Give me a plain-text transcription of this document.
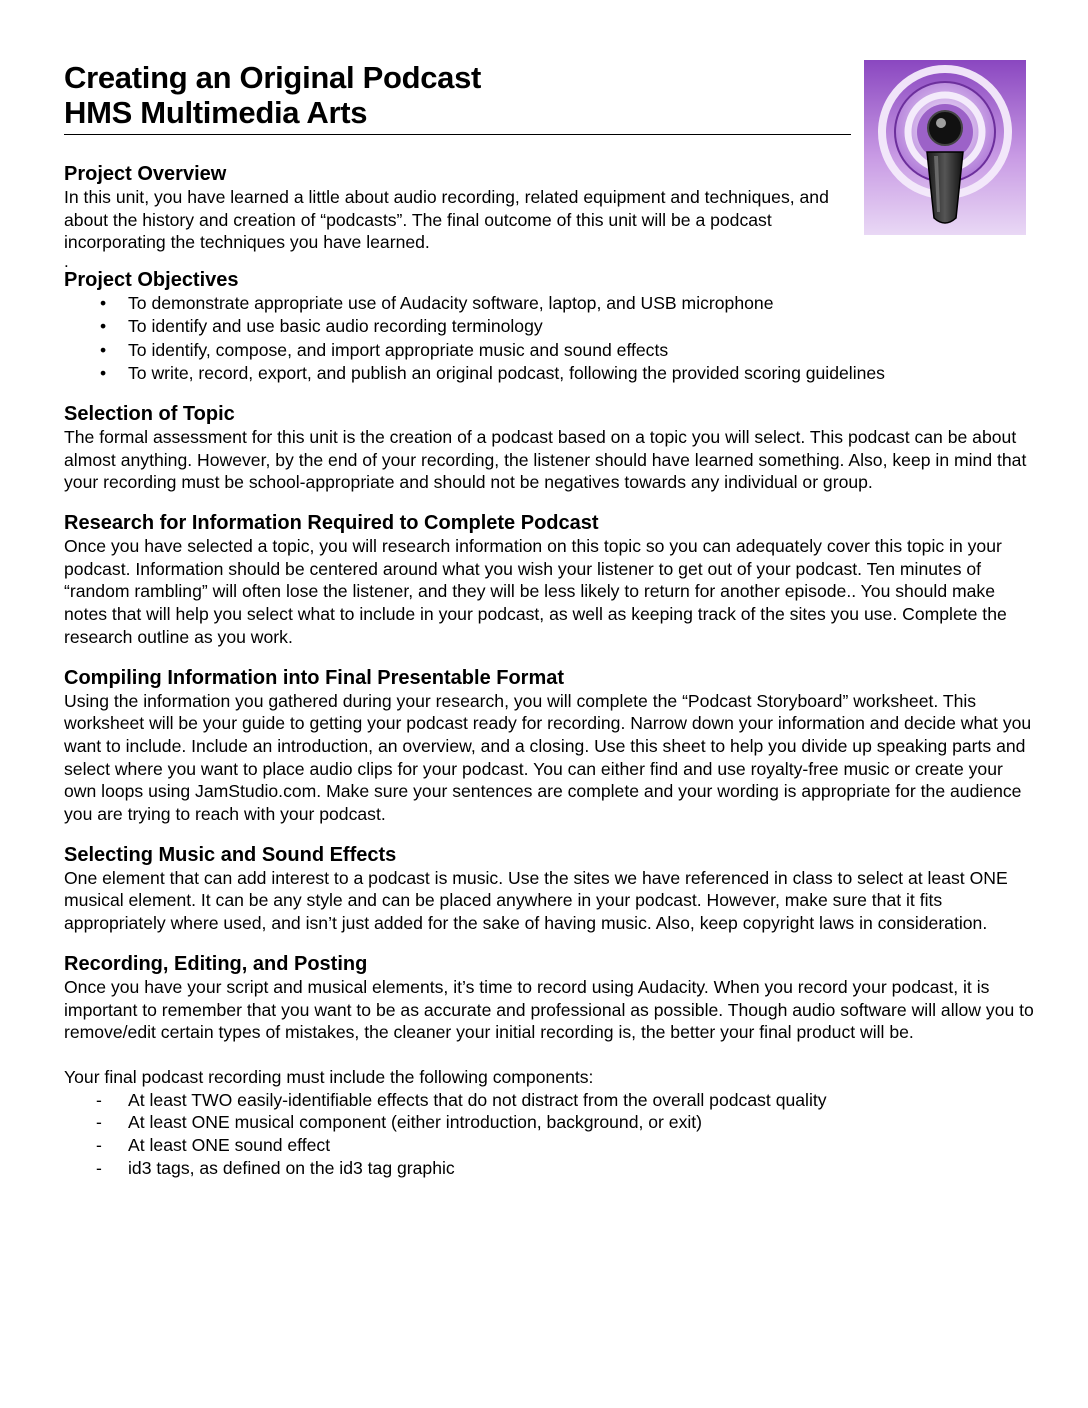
Creating an Original Podcast
HMS Multimedia Arts
Project Overview

In this unit, you have learned a little about audio recording, related equipment and techniques, and about the history and creation of “podcasts”. The final outcome of this unit will be a podcast incorporating the techniques you have learned.

.
Project Objectives
• To demonstrate appropriate use of Audacity software, laptop, and USB microphone
• To identify and use basic audio recording terminology
• To identify, compose, and import appropriate music and sound effects
• To write, record, export, and publish an original podcast, following the provided scoring guidelines
Selection of Topic

The formal assessment for this unit is the creation of a podcast based on a topic you will select. This podcast can be about almost anything. However, by the end of your recording, the listener should have learned something. Also, keep in mind that your recording must be school-appropriate and should not be negatives towards any individual or group.

Research for Information Required to Complete Podcast

Once you have selected a topic, you will research information on this topic so you can adequately cover this topic in your podcast. Information should be centered around what you wish your listener to get out of your podcast. Ten minutes of “random rambling” will often lose the listener, and they will be less likely to return for another episode.. You should make notes that will help you select what to include in your podcast, as well as keeping track of the sites you use. Complete the research outline as you work.

Compiling Information into Final Presentable Format

Using the information you gathered during your research, you will complete the “Podcast Storyboard” worksheet. This worksheet will be your guide to getting your podcast ready for recording. Narrow down your information and decide what you want to include. Include an introduction, an overview, and a closing. Use this sheet to help you divide up speaking parts and select where you want to place audio clips for your podcast. You can either find and use royalty-free music or create your own loops using JamStudio.com. Make sure your sentences are complete and your wording is appropriate for the audience you are trying to reach with your podcast.

Selecting Music and Sound Effects

One element that can add interest to a podcast is music. Use the sites we have referenced in class to select at least ONE musical element. It can be any style and can be placed anywhere in your podcast. However, make sure that it fits appropriately where used, and isn’t just added for the sake of having music. Also, keep copyright laws in consideration.

Recording, Editing, and Posting

Once you have your script and musical elements, it’s time to record using Audacity. When you record your podcast, it is important to remember that you want to be as accurate and professional as possible. Though audio software will allow you to remove/edit certain types of mistakes, the cleaner your initial recording is, the better your final product will be.

Your final podcast recording must include the following components:

- At least TWO easily-identifiable effects that do not distract from the overall podcast quality
- At least ONE musical component (either introduction, background, or exit)
- At least ONE sound effect
- id3 tags, as defined on the id3 tag graphic
